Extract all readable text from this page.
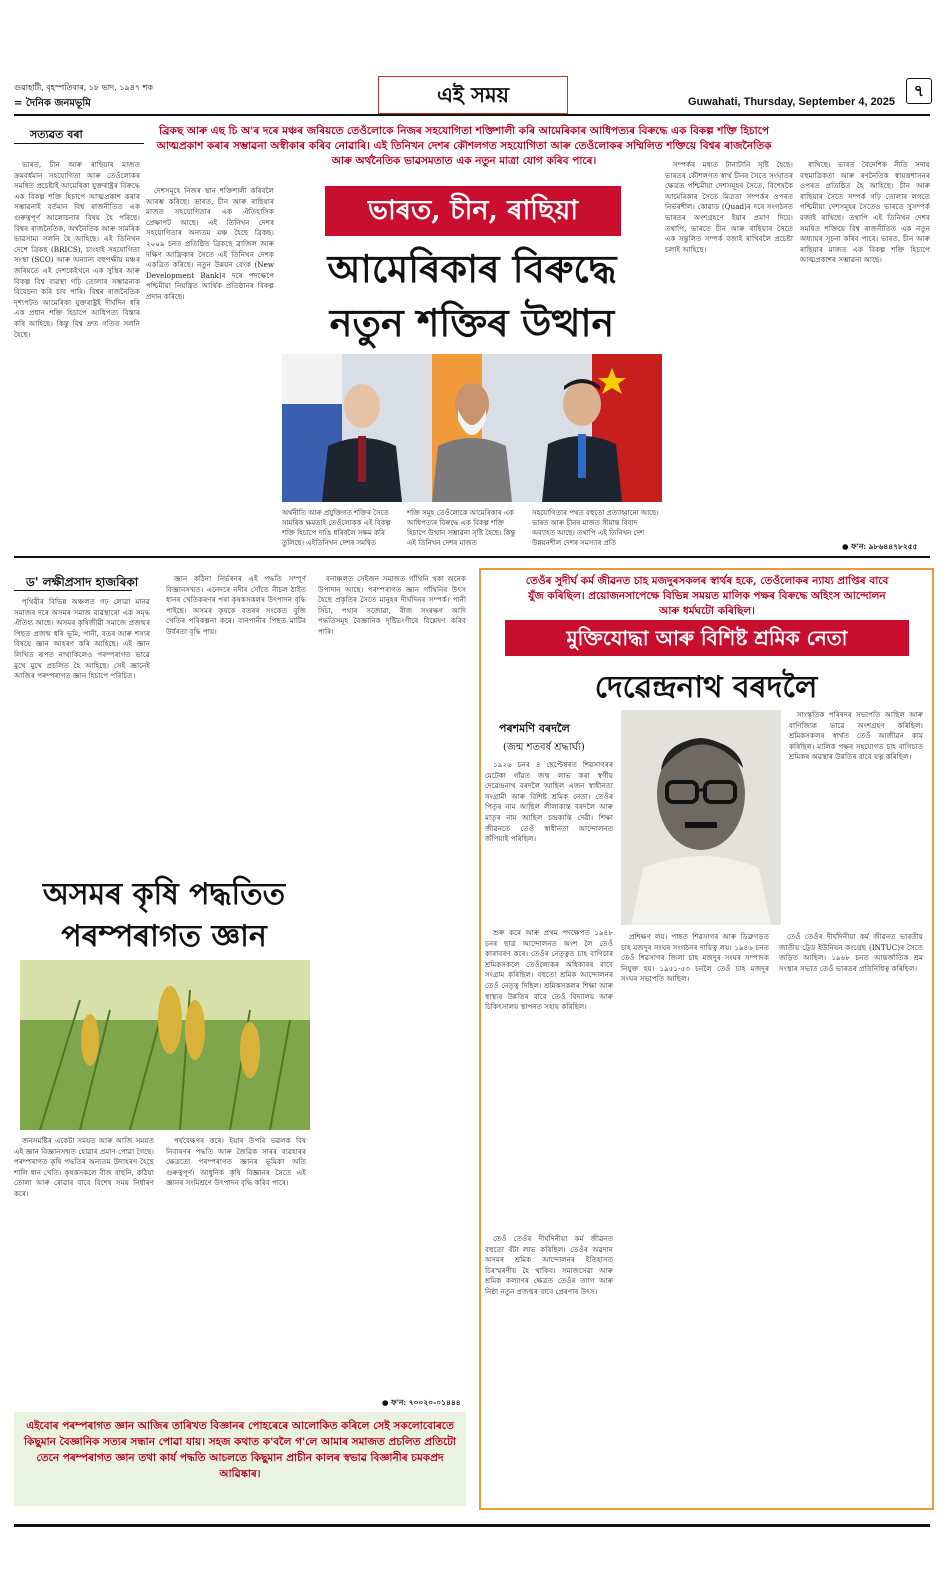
গুৱাহাটী, বৃহস্পতিবাৰ, ১৮ ভাদ, ১৯৪৭ শক
= দৈনিক জনমভূমি	এই সময়	Guwahati, Thursday, September 4, 2025
৭
সত্যৱত বৰা	ব্ৰিকছ আৰু এছ চি অ'ৰ দৰে মঞ্চৰ জৰিয়তে তেওঁলোকে নিজৰ সহযোগিতা শক্তিশালী কৰি আমেৰিকাৰ আধিপত্যৰ বিৰুদ্ধে এক বিকল্প শক্তি হিচাপে আত্মপ্ৰকাশ কৰাৰ সম্ভাৱনা অস্বীকাৰ কৰিব নোৱাৰি। এই তিনিখন দেশৰ কৌশলগত সহযোগিতা আৰু তেওঁলোকৰ সম্মিলিত শক্তিয়ে বিশ্বৰ ৰাজনৈতিক আৰু অৰ্থনৈতিক ভাৱসমতাত এক নতুন মাত্ৰা যোগ কৰিব পাৰে।

ভাৰত, চীন আৰু ৰাছিয়াৰ মাজত ক্ৰমবৰ্ধমান সহযোগিতা আৰু তেওঁলোকৰ সমন্বিত প্ৰচেষ্টাই আমেৰিকা যুক্তৰাষ্ট্ৰৰ বিৰুদ্ধে এক বিকল্প শক্তি হিচাপে আত্মপ্ৰকাশ কৰাৰ সম্ভাৱনাই বৰ্তমান বিশ্ব ৰাজনীতিত এক গুৰুত্বপূৰ্ণ আলোচনাৰ বিষয় হৈ পৰিছে। বিশ্বৰ ৰাজনৈতিক, অৰ্থনৈতিক আৰু সামৰিক ভাৱসাম্য সলনি হৈ আহিছে। এই তিনিখন দেশে ব্ৰিকছ (BRICS), চাংহাই সহযোগিতা সংস্থা (SCO) আৰু অন্যান্য বহুপক্ষীয় মঞ্চৰ জৰিয়তে এই দেশকেইখনে এক সুস্থিৰ আৰু বিকল্প বিশ্ব ব্যৱস্থা গঢ়ি তোলাৰ সম্ভাৱনাক বিবেচনা কৰি চাব পাৰি। বিশ্বৰ ৰাজনৈতিক দৃশ্যপটত আমেৰিকা যুক্তৰাষ্ট্ৰই দীৰ্ঘদিন ধৰি এক প্ৰধান শক্তি হিচাপে আধিপত্য বিস্তাৰ কৰি আহিছে। কিন্তু বিশ্ব দ্ৰুত গতিত সলনি হৈছে।

দেশসমূহে নিজৰ স্থান শক্তিশালী কৰিবলৈ আৰম্ভ কৰিছে। ভাৰত, চীন আৰু ৰাছিয়াৰ মাজত সহযোগিতাৰ এক ঐতিহাসিক প্ৰেক্ষাপট আছে। এই তিনিখন দেশৰ সহযোগিতাৰ অন্যতম মঞ্চ হৈছে ব্ৰিকছ। ২০০৯ চনত প্ৰতিষ্ঠিত ব্ৰিকছে ব্ৰাজিল আৰু দক্ষিণ আফ্ৰিকাৰ সৈতে এই তিনিখন দেশক একত্ৰিত কৰিছে। নতুন উন্নয়ন বেংক (New Development Bank)ৰ দৰে পদক্ষেপে পশ্চিমীয়া নিয়ন্ত্ৰিত আৰ্থিক প্ৰতিষ্ঠানৰ বিকল্প প্ৰদান কৰিছে।

সম্পৰ্কৰ মধ্যত টানাটানি সৃষ্টি হৈছে। ভাৰতৰ কৌশলগত স্বাৰ্থ চীনৰ সৈতে সংঘাতৰ ক্ষেত্ৰত পশ্চিমীয়া দেশসমূহৰ সৈতে, বিশেষকৈ আমেৰিকাৰ সৈতে মিত্ৰতা সম্পৰ্কৰ ওপৰত নিৰ্ভৰশীল। কোৱাড (Quad)ৰ দৰে সংগঠনত ভাৰতৰ অংশগ্ৰহণে ইয়াৰ প্ৰমাণ দিয়ে। তথাপি, ভাৰতে চীন আৰু ৰাছিয়াৰ সৈতে এক সন্তুলিত সম্পৰ্ক বজাই ৰাখিবলৈ প্ৰচেষ্টা চলাই আহিছে।

ৰাখিছে। ভাৰত বৈদেশিক নীতি সদায় বহুমাত্ৰিকতা আৰু ৰণনৈতিক স্বায়ত্তশাসনৰ ওপৰত প্ৰতিষ্ঠিত হৈ আহিছে। চীন আৰু ৰাছিয়াৰ সৈতে সম্পৰ্ক গঢ়ি তোলাৰ লগতে পশ্চিমীয়া দেশসমূহৰ সৈতেও ভাৰতে সুসম্পৰ্ক বজাই ৰাখিছে। তথাপি এই তিনিখন দেশৰ সমন্বিত শক্তিয়ে বিশ্ব ৰাজনীতিত এক নতুন অধ্যায়ৰ সূচনা কৰিব পাৰে। ভাৰত, চীন আৰু ৰাছিয়াৰ মাজত এক বিকল্প শক্তি হিচাপে আত্মপ্ৰকাশৰ সম্ভাৱনা আছে।

ভাৰত, চীন, ৰাছিয়া
আমেৰিকাৰ বিৰুদ্ধে
নতুন শক্তিৰ উত্থান
অৰ্থনীতি আৰু প্ৰযুক্তিগত শক্তিৰ সৈতে সামৰিক ক্ষমতাই তেওঁলোকক এই বিকল্প শক্তি হিচাপে দাঙি ধৰিবলৈ সক্ষম কৰি তুলিছে। এইতিনিখন দেশৰ সমন্বিত
শক্তি সমূহ তেওঁলোকে আমেৰিকাৰ এক আধিপত্যৰ বিৰুদ্ধে এক বিকল্প শক্তি হিচাপে উত্থান সম্ভাৱনা সৃষ্টি হৈছে। কিন্তু এই তিনিখন দেশৰ মাজত
সহযোগিতাৰ পথত বহুতো প্ৰত্যাহ্বানো আছে। ভাৰত আৰু চীনৰ মাজত সীমান্ত বিবাদ অব্যাহত আছে। তথাপি এই তিনিখন দেশ উন্নয়নশীল দেশৰ সমস্যাৰ প্ৰতি	● ফ'ন: ৯৮৬৪৪৭৮২৫৫
ড' লক্ষীপ্ৰসাদ হাজৰিকা

পৃথিৱীৰ বিভিন্ন অঞ্চলত গঢ় লোৱা মানৱ সমাজৰ দৰে অসমৰ সমাজ ব্যৱস্থাৰো এক সমৃদ্ধ ঐতিহ্য আছে। অসমৰ কৃষিজীৱী সমাজে প্ৰজন্মৰ পিছত প্ৰজন্ম ধৰি ভূমি, পানী, বতৰ আৰু শস্যৰ বিষয়ে জ্ঞান আহৰণ কৰি আহিছে। এই জ্ঞান লিখিত ৰূপত নাথাকিলেও পৰম্পৰাগত ভাৱে মুখে মুখে প্ৰচলিত হৈ আহিছে। সেই জ্ঞানেই আজিৰ পৰম্পৰাগত জ্ঞান হিচাপে পৰিচিত।

জ্ঞান কঠিনা নিৰ্ভৰনৰ এই পদ্ধতি সম্পূৰ্ণ বিজ্ঞানসম্মত। এনেদৰে নদীৰ সোঁতে নীচল ঠাইত ধানৰ খেতিকৰণৰ পৰা কৃষকসকলৰ উৎপাদন বৃদ্ধি পাইছে। অসমৰ কৃষকে বতৰৰ সংকেত বুজি খেতিৰ পৰিকল্পনা কৰে। বানপানীৰ পিছত মাটিৰ উৰ্বৰতা বৃদ্ধি পায়।

বনাঞ্চলত সেইজন সমাজত গাঁথিনি থকা অনেক উপাদান আছে। পৰম্পৰাগত জ্ঞান গাঁথিনিৰ উৎস হৈছে প্ৰকৃতিৰ সৈতে মানুহৰ দীৰ্ঘদিনৰ সম্পৰ্ক। পানী সিঁচা, পথাৰ সজোৱা, বীজ সংৰক্ষণ আদি পদ্ধতিসমূহ বৈজ্ঞানিক দৃষ্টিভংগীৰে বিশ্লেষণ কৰিব পাৰি।

অসমৰ কৃষি পদ্ধতিত
পৰম্পৰাগত জ্ঞান

জনসমষ্টিৰ একেটা সময়ত আৰু আজি সময়ত এই জ্ঞান বিজ্ঞানসন্মত হোৱাৰ প্ৰমাণ পোৱা গৈছে। পৰম্পৰাগত কৃষি পদ্ধতিৰ অন্যতম উদাহৰণ হৈছে শালি ধান খেতি। কৃষকসকলে বীজ বাছনি, কঠিয়া তোলা আৰু ৰোৱাৰ বাবে বিশেষ সময় নিৰ্ধাৰণ কৰে।

পৰ্যবেক্ষণৰ কৰে। ইয়াৰ উপৰি ভৱলক বিষ নিবাৰণৰ পদ্ধতি আৰু জৈৱিক সাৰৰ ব্যৱহাৰৰ ক্ষেত্ৰতো পৰম্পৰাগত জ্ঞানৰ ভূমিকা অতি গুৰুত্বপূৰ্ণ। আধুনিক কৃষি বিজ্ঞানৰ সৈতে এই জ্ঞানৰ সংমিশ্ৰণে উৎপাদন বৃদ্ধি কৰিব পাৰে।

● ফ'ন: ৭০০২০-০১৪৪৪
এইবোৰ পৰম্পৰাগত জ্ঞান আজিৰ তাৰিখত বিজ্ঞানৰ পোহৰেৰে আলোকিত কৰিলে সেই সকলোবোৰতে কিছুমান বৈজ্ঞানিক সত্যৰ সন্ধান পোৱা যায়। সহজ কথাত ক'বলৈ গ'লে আমাৰ সমাজত প্ৰচলিত প্ৰতিটো তেনে পৰম্পৰাগত জ্ঞান তথা কাৰ্য পদ্ধতি আচলতে কিছুমান প্ৰাচীন কালৰ স্বভাৱ বিজ্ঞানীৰ চমকপ্ৰদ আৱিষ্কাৰ।
তেওঁৰ সুদীৰ্ঘ কৰ্ম জীৱনত চাহ মজদুৰসকলৰ স্বাৰ্থৰ হকে, তেওঁলোকৰ ন্যায্য প্ৰাপ্তিৰ বাবে যুঁজ কৰিছিল। প্ৰয়োজনসাপেক্ষে বিভিন্ন সময়ত মালিক পক্ষৰ বিৰুদ্ধে অহিংস আন্দোলন আৰু ধৰ্মঘটো কৰিছিল।
মুক্তিযোদ্ধা আৰু বিশিষ্ট শ্ৰমিক নেতা
দেৱেন্দ্ৰনাথ বৰদলৈ
পৰশমণি বৰদলৈ
(জন্ম শতবৰ্ষ শ্ৰদ্ধাৰ্ঘ্য)

১৯২৬ চনৰ ৪ ছেপ্টেম্বৰত শিৱসাগৰৰ মেটেকা গাঁৱত জন্ম লাভ কৰা স্বৰ্গীয় দেৱেন্দ্ৰনাথ বৰদলৈ আছিল এজন স্বাধীনতা সংগ্ৰামী আৰু বিশিষ্ট শ্ৰমিক নেতা। তেওঁৰ পিতৃৰ নাম আছিল লীলাকান্ত বৰদলৈ আৰু মাতৃৰ নাম আছিল চন্দ্ৰকান্তি দেৱী। শিক্ষা জীৱনতে তেওঁ স্বাধীনতা আন্দোলনত জঁপিয়াই পৰিছিল।

সাংস্কৃতিক পৰিষদৰ সভাপতি আছিল আৰু বাণিজ্যিক ভাৱে অংশগ্ৰহণ কৰিছিল। শ্ৰমিকসকলৰ স্বাৰ্থত তেওঁ আজীৱন কাম কৰিছিল। মালিক পক্ষৰ সহযোগত চাহ বাগিচাত শ্ৰমিকৰ অৱস্থাৰ উন্নতিৰ বাবে যত্ন কৰিছিল।

প্ৰশিক্ষণ লয়। পাছত শিৱসাগৰ আৰু ডিব্ৰুগড়ত চাহ মজদুৰ সংঘৰ সংগঠনৰ দায়িত্ব লয়। ১৯৪৬ চনত তেওঁ শিৱসাগৰ জিলা চাহ মজদুৰ সংঘৰ সম্পাদক নিযুক্ত হয়। ১৯৫১-৫৩ চনলৈ তেওঁ চাহ মজদুৰ সংঘৰ সভাপতি আছিল।

তেওঁ তেওঁৰ দীৰ্ঘদিনীয়া কৰ্ম জীৱনত ভাৰতীয় জাতীয় ট্ৰেড ইউনিয়ন কংগ্ৰেছ (INTUC)ৰ সৈতে জড়িত আছিল। ১৯৬৮ চনত আন্তৰ্জাতিক শ্ৰম সংস্থাৰ সভাত তেওঁ ভাৰতৰ প্ৰতিনিধিত্ব কৰিছিল।

শুৰু কৰে আৰু প্ৰথম পদক্ষেপত ১৯৪৮ চনৰ ছাত্ৰ আন্দোলনত অংশ লৈ তেওঁ কাৰাবৰণ কৰে। তেওঁৰ নেতৃত্বত চাহ বাগিচাৰ শ্ৰমিকসকলে তেওঁলোকৰ অধিকাৰৰ বাবে সংগ্ৰাম কৰিছিল। বহুতো শ্ৰমিক আন্দোলনৰ তেওঁ নেতৃত্ব দিছিল। শ্ৰমিকসকলৰ শিক্ষা আৰু স্বাস্থ্যৰ উন্নতিৰ বাবে তেওঁ বিদ্যালয় আৰু চিকিৎসালয় স্থাপনত সহায় কৰিছিল।

তেওঁ তেওঁৰ দীৰ্ঘদিনীয়া কৰ্ম জীৱনত বহুতো বঁটা লাভ কৰিছিল। তেওঁৰ অৱদান অসমৰ শ্ৰমিক আন্দোলনৰ ইতিহাসত চিৰস্মৰণীয় হৈ থাকিব। সমাজসেৱা আৰু শ্ৰমিক কল্যাণৰ ক্ষেত্ৰত তেওঁৰ ত্যাগ আৰু নিষ্ঠা নতুন প্ৰজন্মৰ বাবে প্ৰেৰণাৰ উৎস।
